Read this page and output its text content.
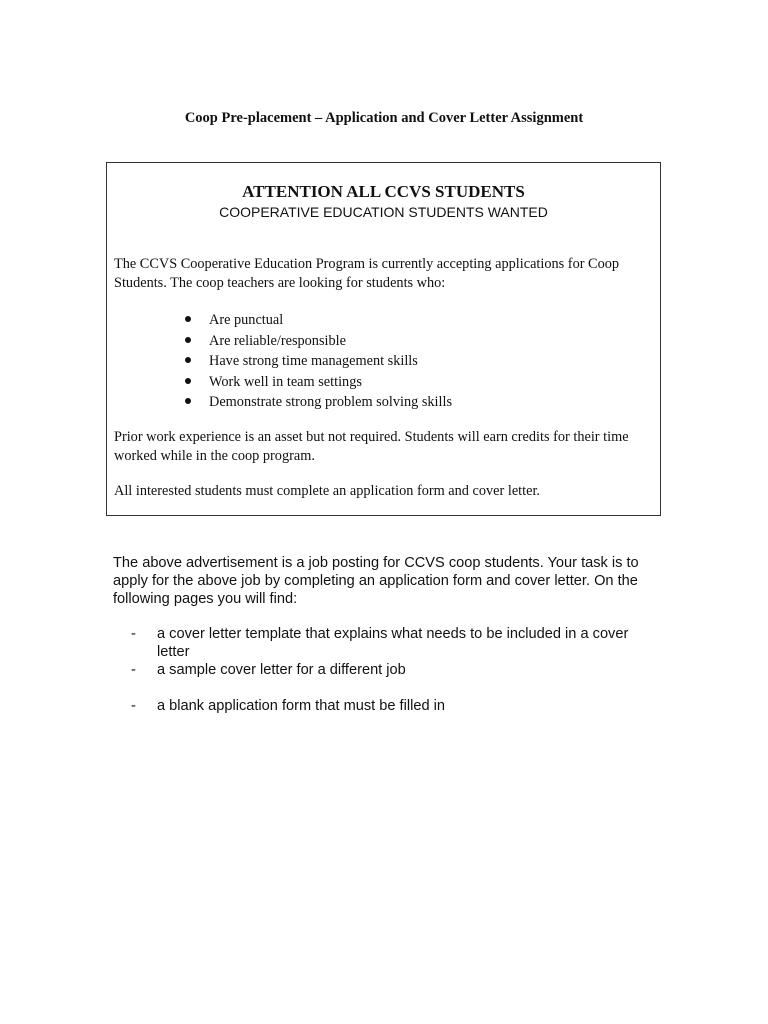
Coop Pre-placement – Application and Cover Letter Assignment
ATTENTION ALL CCVS STUDENTS
COOPERATIVE EDUCATION STUDENTS WANTED
The CCVS Cooperative Education Program is currently accepting applications for Coop Students. The coop teachers are looking for students who:
Are punctual
Are reliable/responsible
Have strong time management skills
Work well in team settings
Demonstrate strong problem solving skills
Prior work experience is an asset but not required. Students will earn credits for their time worked while in the coop program.
All interested students must complete an application form and cover letter.
The above advertisement is a job posting for CCVS coop students. Your task is to apply for the above job by completing an application form and cover letter. On the following pages you will find:
- a cover letter template that explains what needs to be included in a cover letter
- a sample cover letter for a different job
- a blank application form that must be filled in
